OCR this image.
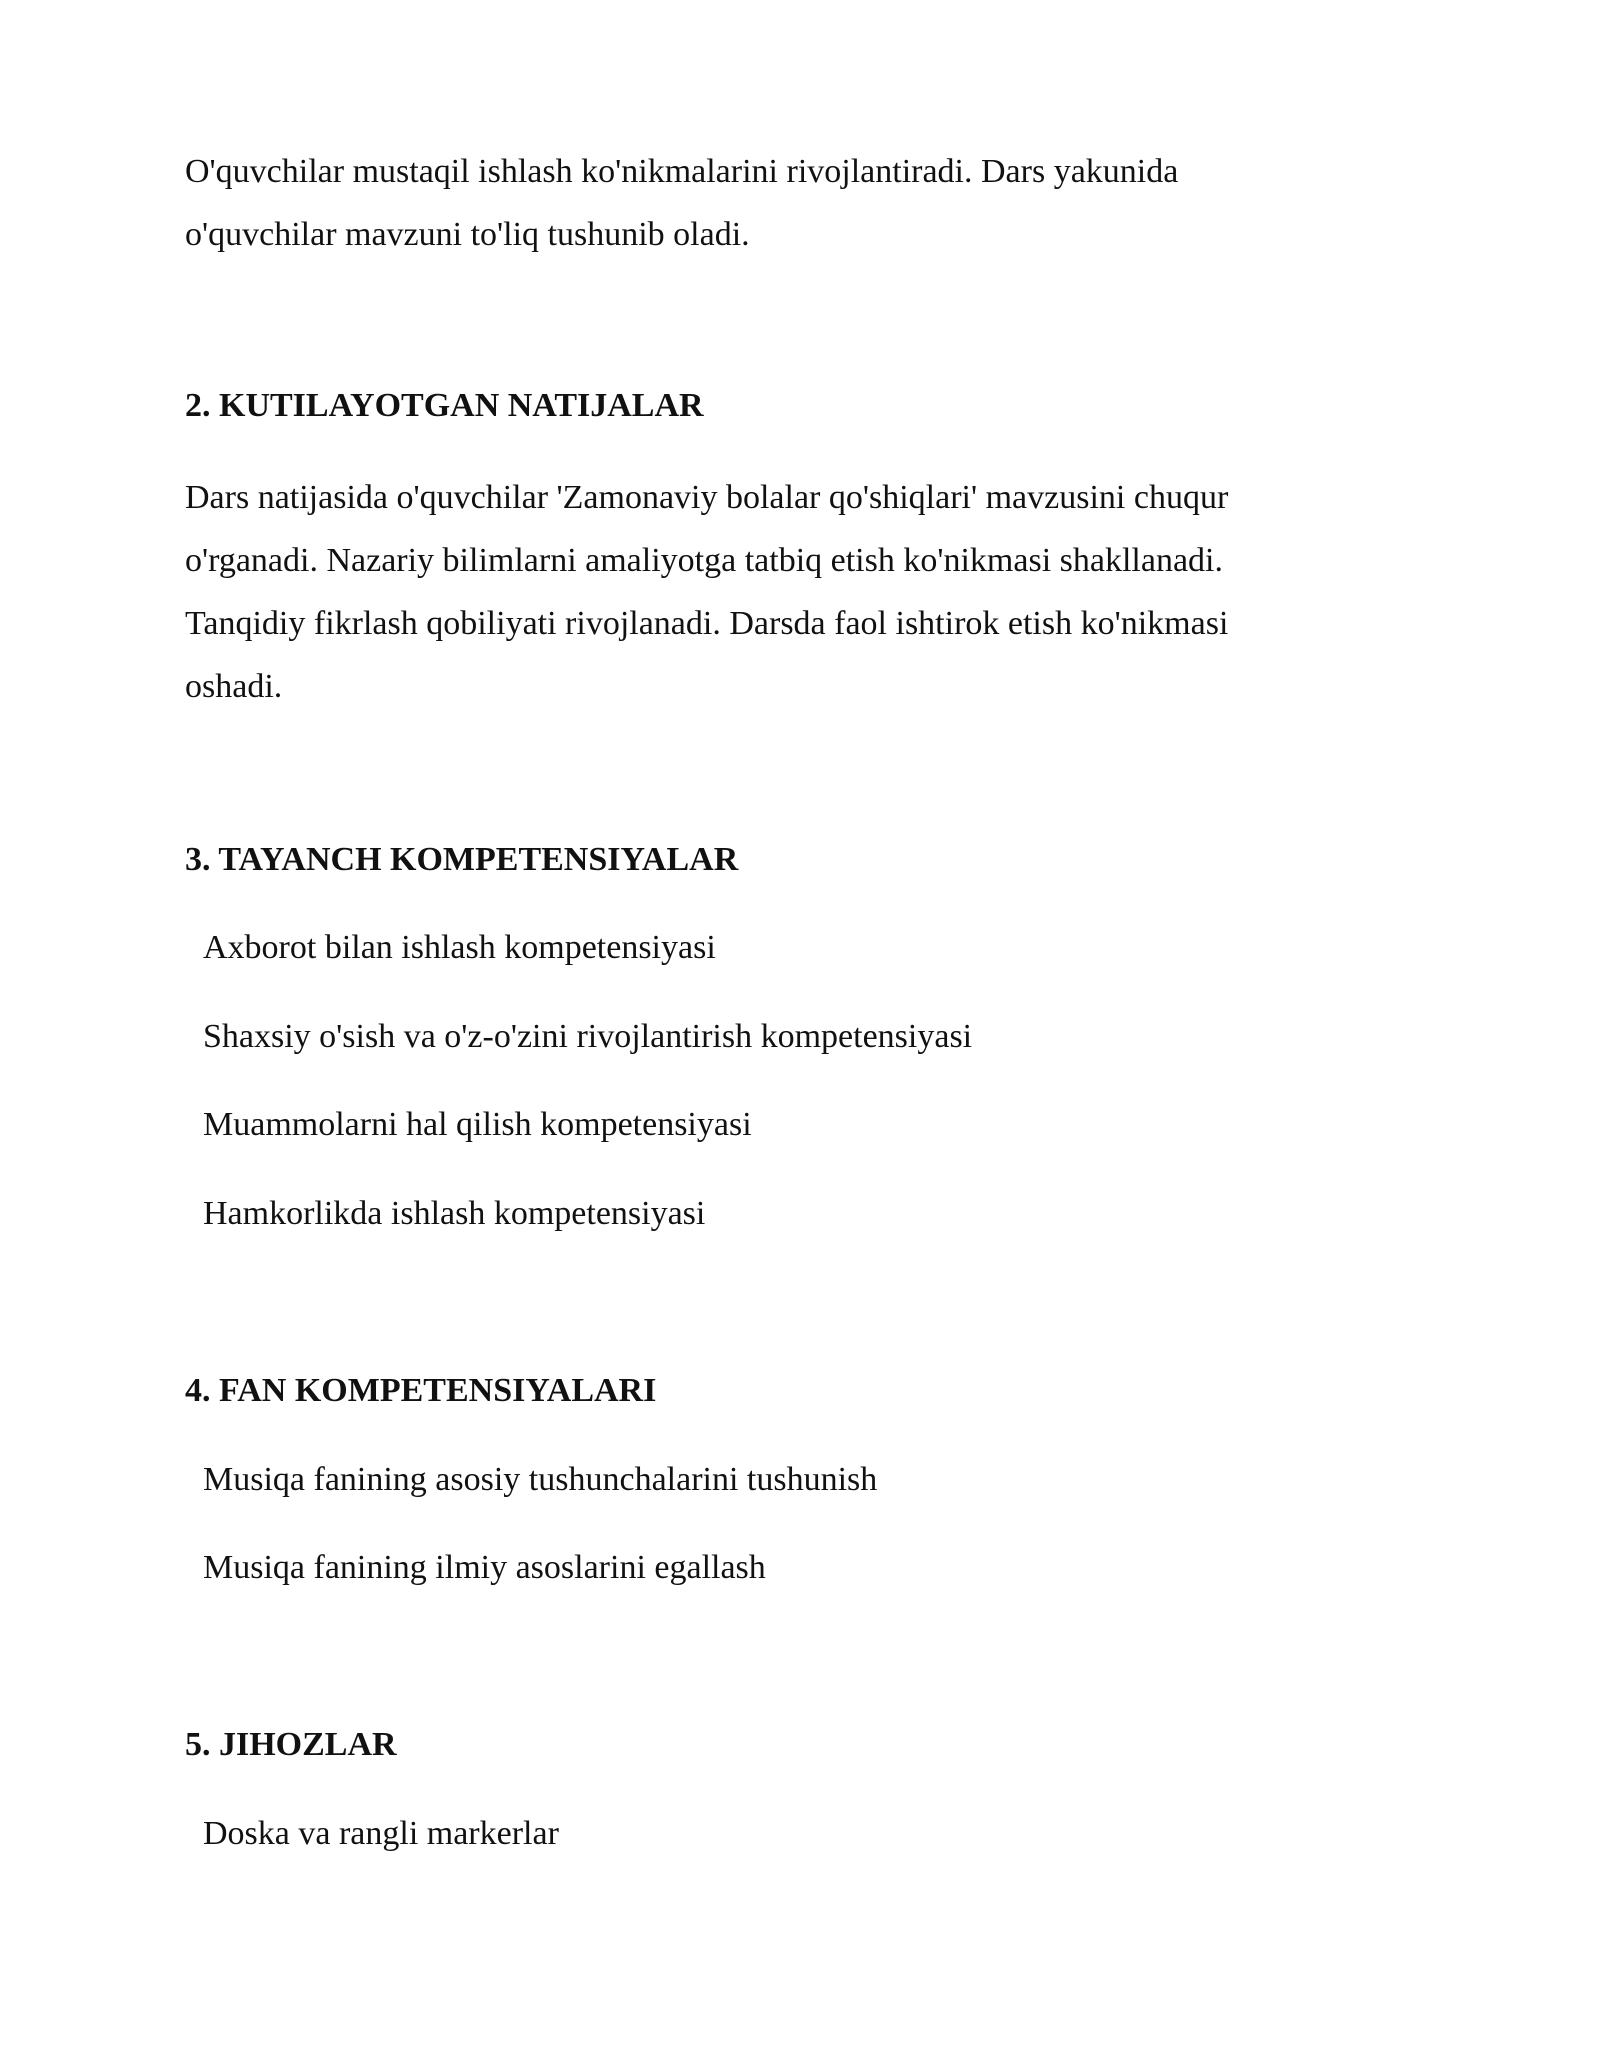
O'quvchilar mustaqil ishlash ko'nikmalarini rivojlantiradi. Dars yakunida
o'quvchilar mavzuni to'liq tushunib oladi.

2. KUTILAYOTGAN NATIJALAR

Dars natijasida o'quvchilar 'Zamonaviy bolalar qo'shiqlari' mavzusini chuqur
o'rganadi. Nazariy bilimlarni amaliyotga tatbiq etish ko'nikmasi shakllanadi.
Tanqidiy fikrlash qobiliyati rivojlanadi. Darsda faol ishtirok etish ko'nikmasi
oshadi.

3. TAYANCH KOMPETENSIYALAR

Axborot bilan ishlash kompetensiyasi

Shaxsiy o'sish va o'z-o'zini rivojlantirish kompetensiyasi

Muammolarni hal qilish kompetensiyasi

Hamkorlikda ishlash kompetensiyasi

4. FAN KOMPETENSIYALARI

Musiqa fanining asosiy tushunchalarini tushunish

Musiqa fanining ilmiy asoslarini egallash

5. JIHOZLAR

Doska va rangli markerlar
